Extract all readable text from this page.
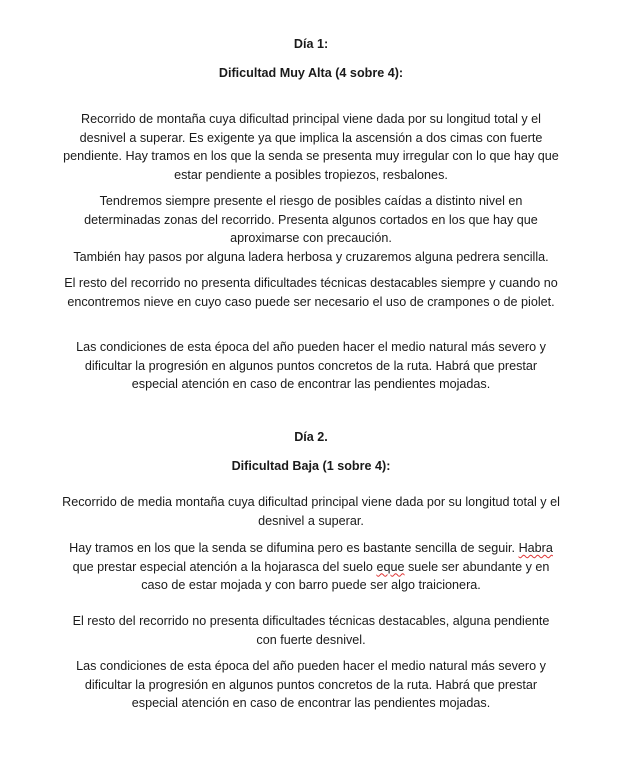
Día 1:

Dificultad Muy Alta (4 sobre 4):

Recorrido de montaña cuya dificultad principal viene dada por su longitud total y el desnivel a superar. Es exigente ya que implica la ascensión a dos cimas con fuerte pendiente. Hay tramos en los que la senda se presenta muy irregular con lo que hay que estar pendiente a posibles tropiezos, resbalones.

Tendremos siempre presente el riesgo de posibles caídas a distinto nivel en determinadas zonas del recorrido. Presenta algunos cortados en los que hay que aproximarse con precaución.

También hay pasos por alguna ladera herbosa y cruzaremos alguna pedrera sencilla.

El resto del recorrido no presenta dificultades técnicas destacables siempre y cuando no encontremos nieve en cuyo caso puede ser necesario el uso de crampones o de piolet.

Las condiciones de esta época del año pueden hacer el medio natural más severo y dificultar la progresión en algunos puntos concretos de la ruta. Habrá que prestar especial atención en caso de encontrar las pendientes mojadas.

Día 2.

Dificultad Baja (1 sobre 4):

Recorrido de media montaña cuya dificultad principal viene dada por su longitud total y el desnivel a superar.

Hay tramos en los que la senda se difumina pero es bastante sencilla de seguir. Habra que prestar especial atención a la hojarasca del suelo eque suele ser abundante y en caso de estar mojada y con barro puede ser algo traicionera.

El resto del recorrido no presenta dificultades técnicas destacables, alguna pendiente con fuerte desnivel.

Las condiciones de esta época del año pueden hacer el medio natural más severo y dificultar la progresión en algunos puntos concretos de la ruta. Habrá que prestar especial atención en caso de encontrar las pendientes mojadas.
